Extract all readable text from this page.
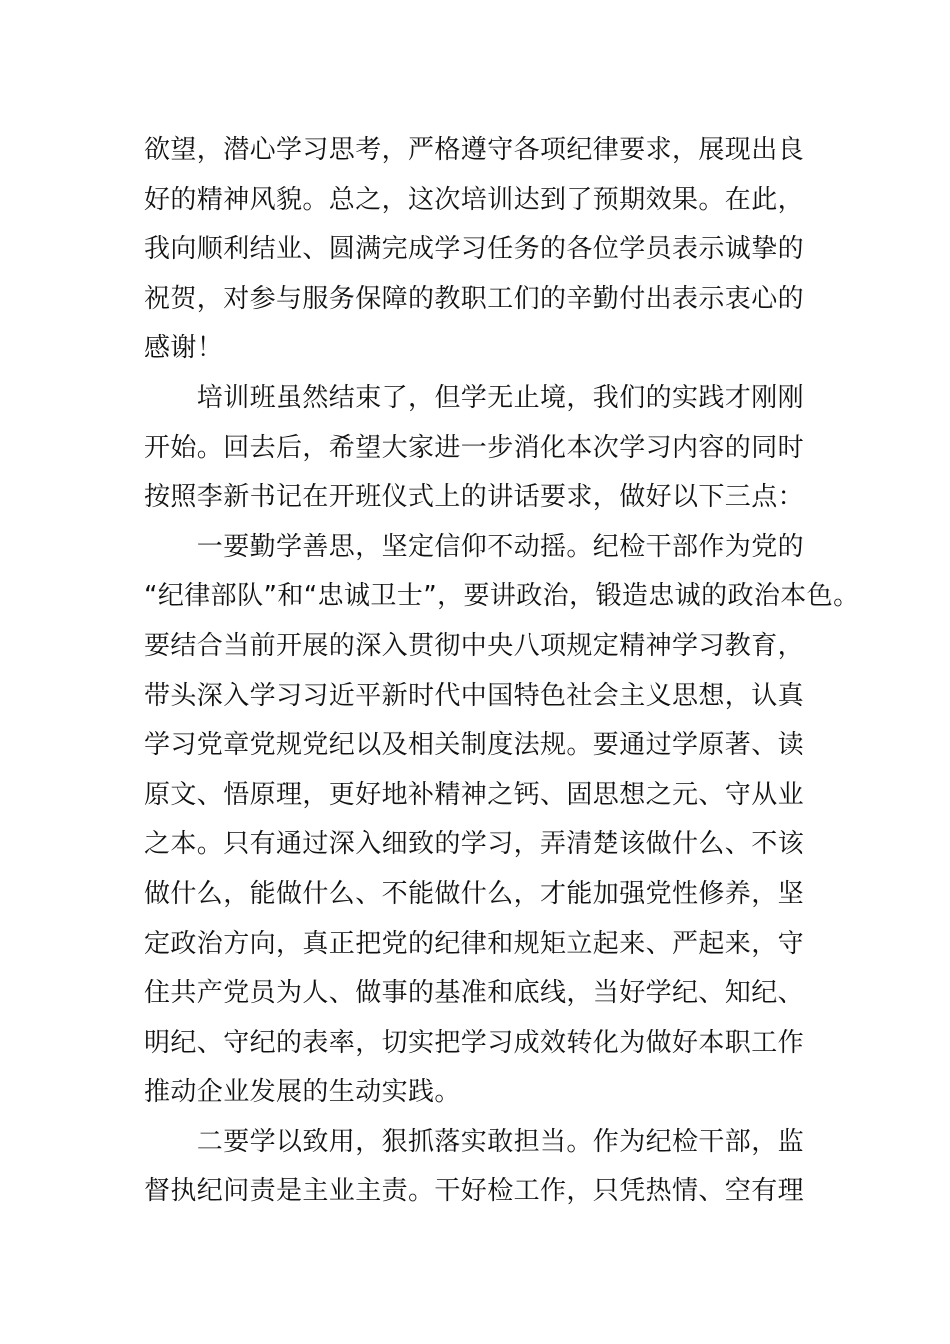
欲望，潜心学习思考，严格遵守各项纪律要求，展现出良
好的精神风貌。总之，这次培训达到了预期效果。在此，
我向顺利结业、圆满完成学习任务的各位学员表示诚挚的
祝贺，对参与服务保障的教职工们的辛勤付出表示衷心的
感谢！
　　培训班虽然结束了，但学无止境，我们的实践才刚刚
开始。回去后，希望大家进一步消化本次学习内容的同时
按照李新书记在开班仪式上的讲话要求，做好以下三点：
　　一要勤学善思，坚定信仰不动摇。纪检干部作为党的
“纪律部队”和“忠诚卫士”，要讲政治，锻造忠诚的政治本色。
要结合当前开展的深入贯彻中央八项规定精神学习教育，
带头深入学习习近平新时代中国特色社会主义思想，认真
学习党章党规党纪以及相关制度法规。要通过学原著、读
原文、悟原理，更好地补精神之钙、固思想之元、守从业
之本。只有通过深入细致的学习，弄清楚该做什么、不该
做什么，能做什么、不能做什么，才能加强党性修养，坚
定政治方向，真正把党的纪律和规矩立起来、严起来，守
住共产党员为人、做事的基准和底线，当好学纪、知纪、
明纪、守纪的表率，切实把学习成效转化为做好本职工作
推动企业发展的生动实践。
　　二要学以致用，狠抓落实敢担当。作为纪检干部，监
督执纪问责是主业主责。干好检工作，只凭热情、空有理
